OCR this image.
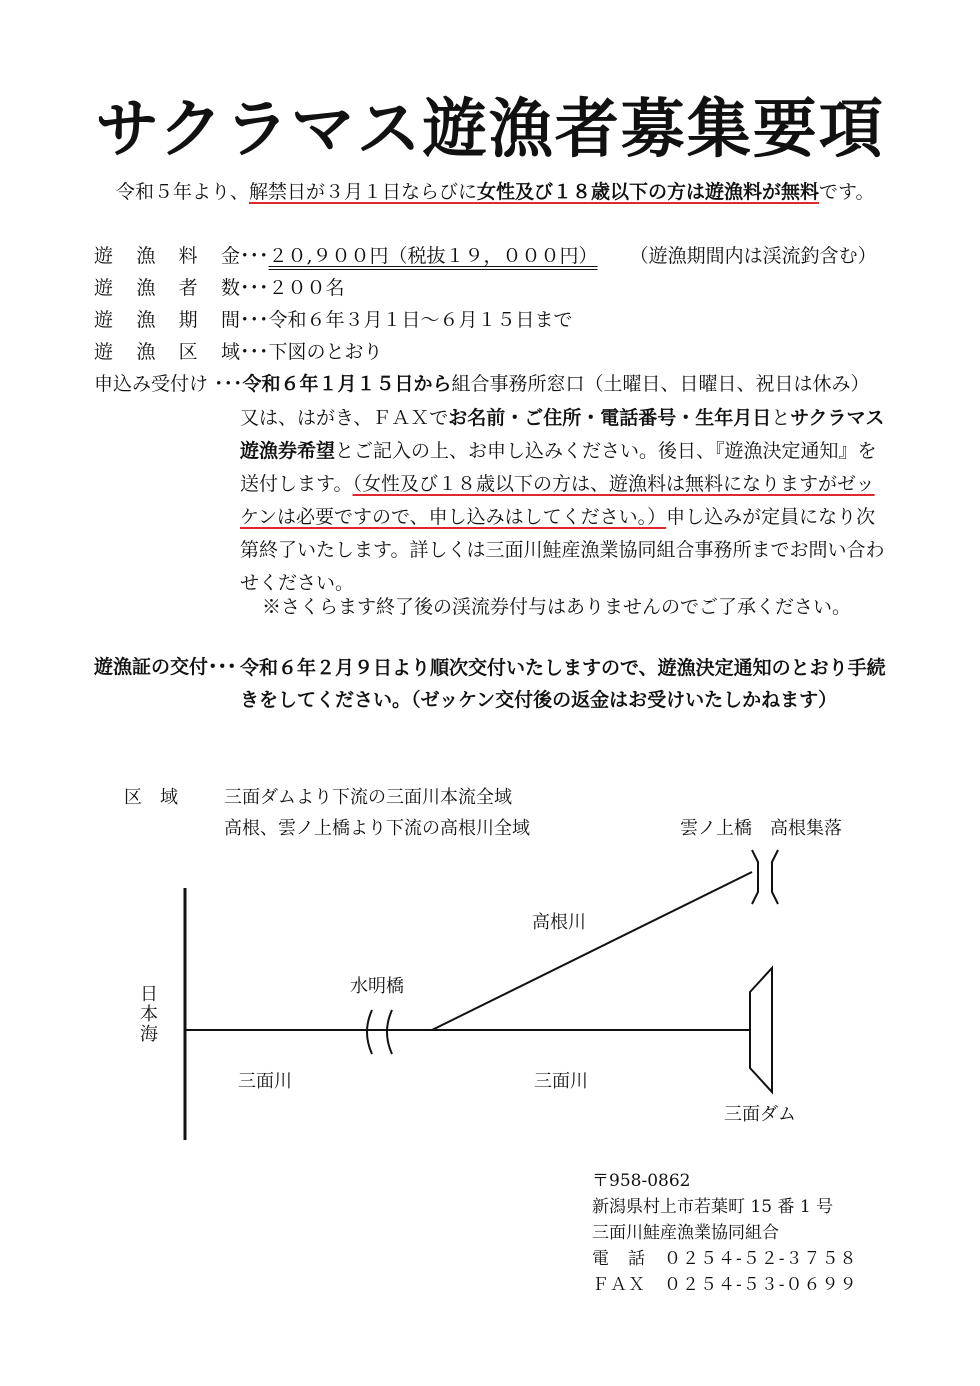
サクラマス遊漁者募集要項
令和５年より、解禁日が３月１日ならびに女性及び１８歳以下の方は遊漁料が無料です。
遊 漁 料 金 ･･･ ２０,９００円（税抜１９，０００円） （遊漁期間内は渓流釣含む）
遊 漁 者 数 ･･･ ２００名
遊 漁 期 間 ･･･ 令和６年３月１日～６月１５日まで
遊 漁 区 域 ･･･ 下図のとおり
申込み受付け ･･･ 令和６年１月１５日から 組合事務所窓口（土曜日、日曜日、祝日は休み）

又は、はがき、ＦＡＸでお名前・ご住所・電話番号・生年月日とサクラマス遊漁券希望とご記入の上、お申し込みください。後日、『遊漁決定通知』を送付します。（女性及び１８歳以下の方は、遊漁料は無料になりますがゼッケンは必要ですので、申し込みはしてください。）申し込みが定員になり次第終了いたします。詳しくは三面川鮭産漁業協同組合事務所までお問い合わせください。

※さくらます終了後の渓流券付与はありませんのでご了承ください。
遊漁証の交付･･･ 令和６年２月９日より順次交付いたしますので、遊漁決定通知のとおり手続きをしてください。（ゼッケン交付後の返金はお受けいたしかねます）
区　域	三面ダムより下流の三面川本流全域
高根、雲ノ上橋より下流の高根川全域	雲ノ上橋　高根集落
日本海
水明橋
高根川
三面川	三面川
三面ダム
〒958-0862
新潟県村上市若葉町 15 番 1 号
三面川鮭産漁業協同組合
電　話　０２５４-５２-３７５８
ＦＡＸ　０２５４-５３-０６９９
